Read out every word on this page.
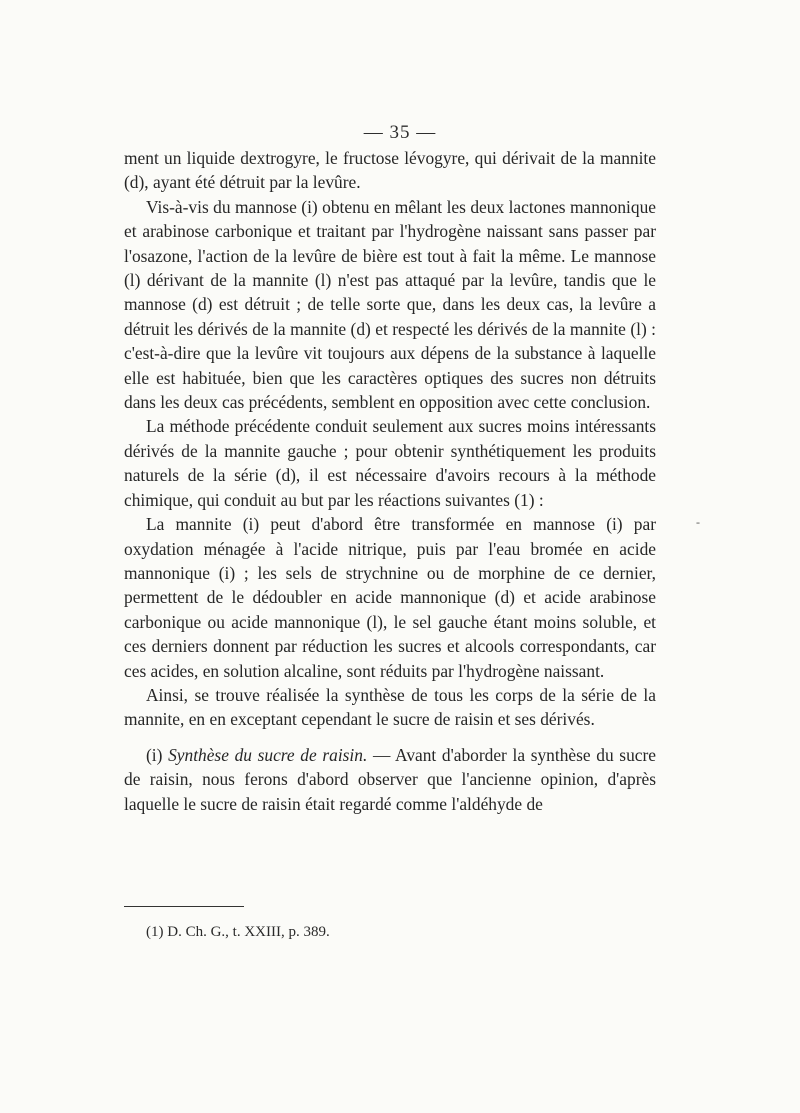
— 35 —

ment un liquide dextrogyre, le fructose lévogyre, qui dérivait de la mannite (d), ayant été détruit par la levûre.

Vis-à-vis du mannose (i) obtenu en mêlant les deux lactones mannonique et arabinose carbonique et traitant par l'hydrogène naissant sans passer par l'osazone, l'action de la levûre de bière est tout à fait la même. Le mannose (l) dérivant de la mannite (l) n'est pas attaqué par la levûre, tandis que le mannose (d) est détruit ; de telle sorte que, dans les deux cas, la levûre a détruit les dérivés de la mannite (d) et respecté les dérivés de la mannite (l) : c'est-à-dire que la levûre vit toujours aux dépens de la substance à laquelle elle est habituée, bien que les caractères optiques des sucres non détruits dans les deux cas précédents, semblent en opposition avec cette conclusion.

La méthode précédente conduit seulement aux sucres moins intéressants dérivés de la mannite gauche ; pour obtenir synthétiquement les produits naturels de la série (d), il est nécessaire d'avoirs recours à la méthode chimique, qui conduit au but par les réactions suivantes (1) :

La mannite (i) peut d'abord être transformée en mannose (i) par oxydation ménagée à l'acide nitrique, puis par l'eau bromée en acide mannonique (i) ; les sels de strychnine ou de morphine de ce dernier, permettent de le dédoubler en acide mannonique (d) et acide arabinose carbonique ou acide mannonique (l), le sel gauche étant moins soluble, et ces derniers donnent par réduction les sucres et alcools correspondants, car ces acides, en solution alcaline, sont réduits par l'hydrogène naissant.

Ainsi, se trouve réalisée la synthèse de tous les corps de la série de la mannite, en en exceptant cependant le sucre de raisin et ses dérivés.

(i) Synthèse du sucre de raisin. — Avant d'aborder la synthèse du sucre de raisin, nous ferons d'abord observer que l'ancienne opinion, d'après laquelle le sucre de raisin était regardé comme l'aldéhyde de

-
(1) D. Ch. G., t. XXIII, p. 389.
